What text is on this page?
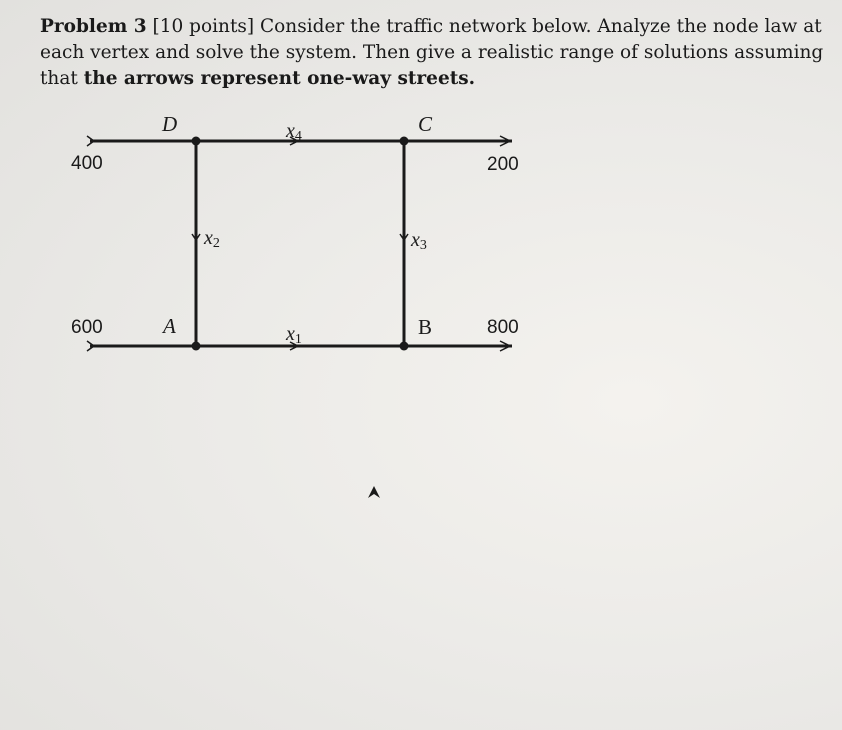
Problem 3 [10 points] Consider the traffic network below. Analyze the node law at each vertex and solve the system. Then give a realistic range of solutions assuming that the arrows represent one-way streets.
D	C
A	B
x4
x1
x2	x3
400	200
600	800
